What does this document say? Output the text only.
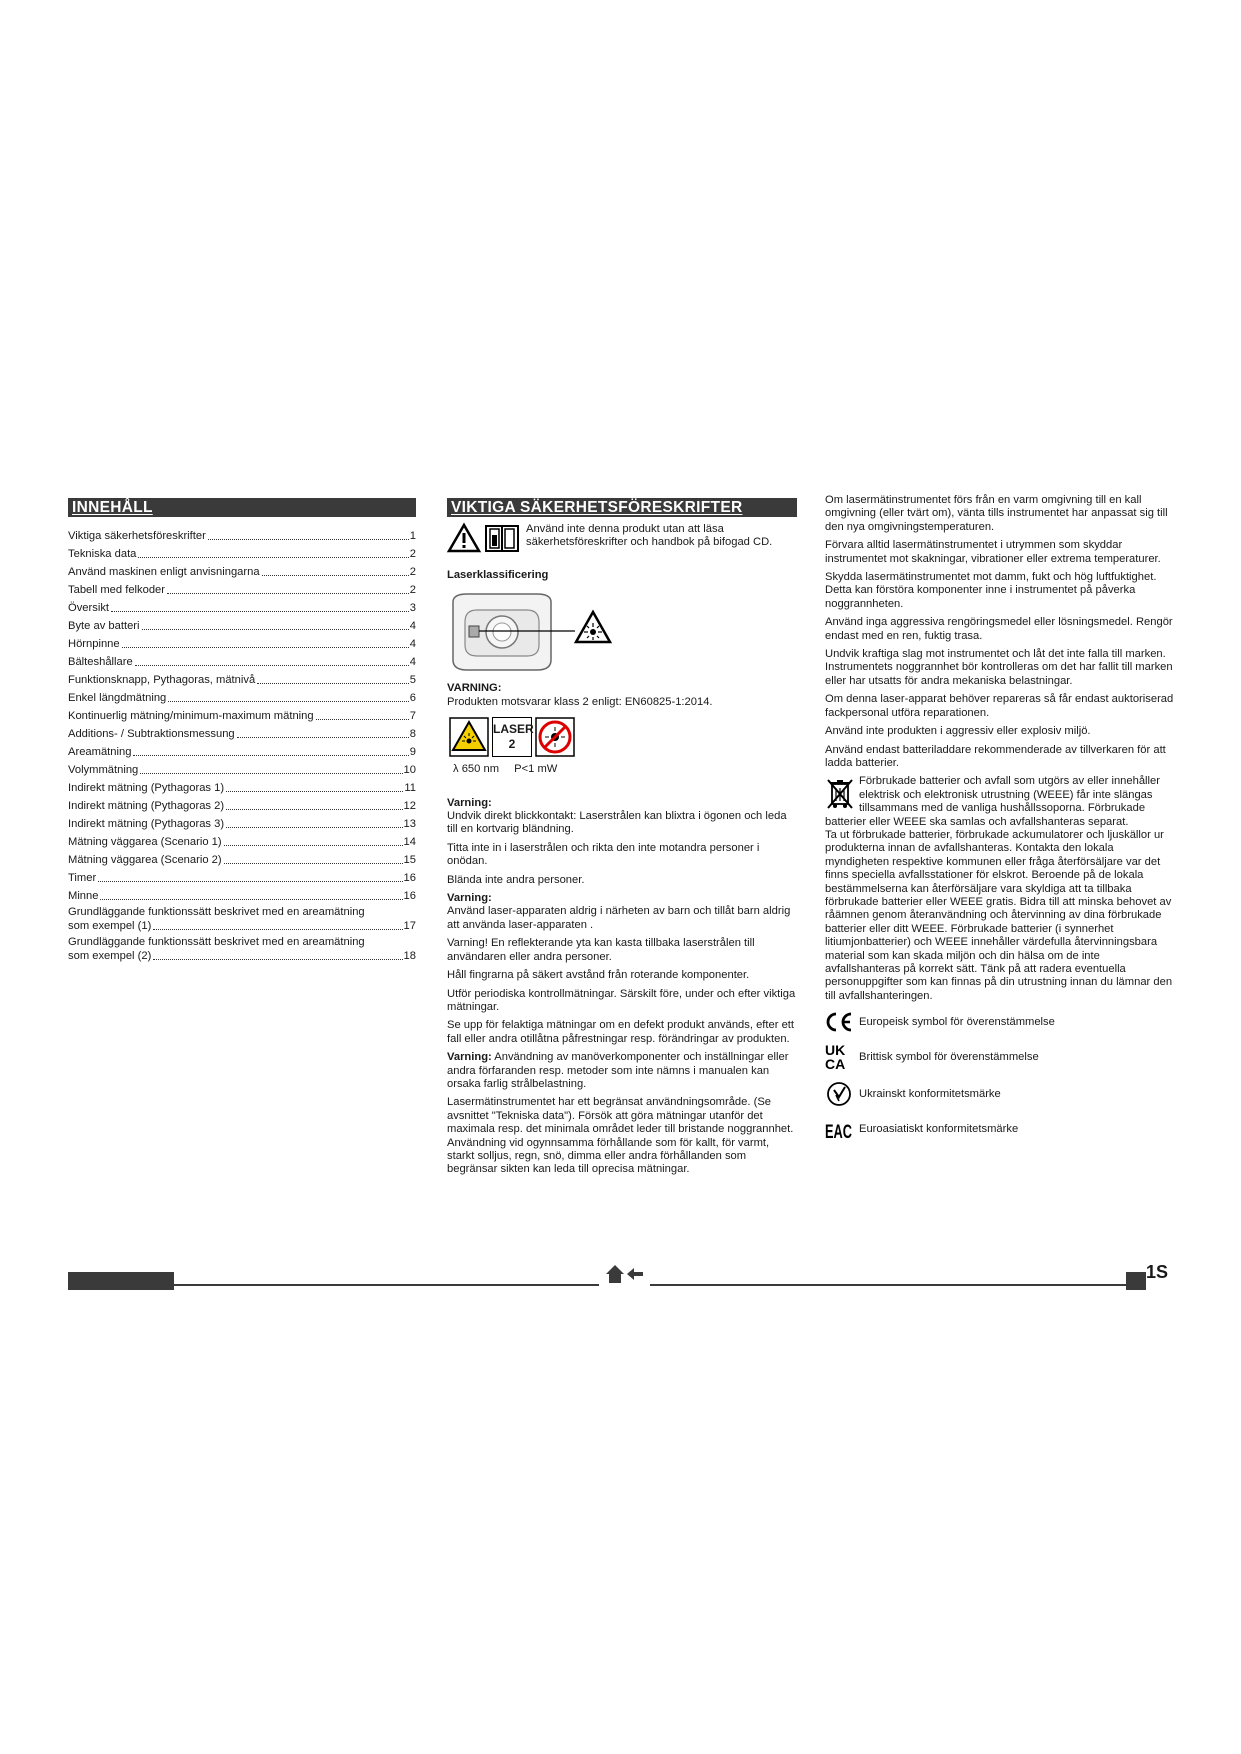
INNEHÅLL
Viktiga säkerhetsföreskrifter	1
Tekniska data	2
Använd maskinen enligt anvisningarna	2
Tabell med felkoder	2
Översikt	3
Byte av batteri	4
Hörnpinne	4
Bälteshållare	4
Funktionsknapp, Pythagoras, mätnivå	5
Enkel längdmätning	6
Kontinuerlig mätning/minimum-maximum mätning	7
Additions- / Subtraktionsmessung	8
Areamätning	9
Volymmätning	10
Indirekt mätning (Pythagoras 1)	11
Indirekt mätning (Pythagoras 2)	12
Indirekt mätning (Pythagoras 3)	13
Mätning väggarea (Scenario 1)	14
Mätning väggarea (Scenario 2)	15
Timer	16
Minne	16
Grundläggande funktionssätt beskrivet med en areamätning
som exempel (1)	17
Grundläggande funktionssätt beskrivet med en areamätning
som exempel (2)	18
VIKTIGA SÄKERHETSFÖRESKRIFTER

Använd inte denna produkt utan att läsa säkerhetsföreskrifter och handbok på bifogad CD.

Laserklassificering

VARNING:

Produkten motsvarar klass 2 enligt: EN60825-1:2014.

LASER
2
λ 650 nm P<1 mW

Varning:

Undvik direkt blickkontakt: Laserstrålen kan blixtra i ögonen och leda till en kortvarig bländning.

Titta inte in i laserstrålen och rikta den inte motandra personer i onödan.

Blända inte andra personer.

Varning:

Använd laser-apparaten aldrig i närheten av barn och tillåt barn aldrig att använda laser-apparaten .

Varning! En reflekterande yta kan kasta tillbaka laserstrålen till användaren eller andra personer.

Håll fingrarna på säkert avstånd från roterande komponenter.

Utför periodiska kontrollmätningar. Särskilt före, under och efter viktiga mätningar.

Se upp för felaktiga mätningar om en defekt produkt används, efter ett fall eller andra otillåtna påfrestningar resp. förändringar av produkten.

Varning: Användning av manöverkomponenter och inställningar eller andra förfaranden resp. metoder som inte nämns i manualen kan orsaka farlig strålbelastning.

Lasermätinstrumentet har ett begränsat användningsområde. (Se avsnittet "Tekniska data"). Försök att göra mätningar utanför det maximala resp. det minimala området leder till bristande noggrannhet. Användning vid ogynnsamma förhållande som för kallt, för varmt, starkt solljus, regn, snö, dimma eller andra förhållanden som begränsar sikten kan leda till oprecisa mätningar.

Om lasermätinstrumentet förs från en varm omgivning till en kall omgivning (eller tvärt om), vänta tills instrumentet har anpassat sig till den nya omgivningstemperaturen.

Förvara alltid lasermätinstrumentet i utrymmen som skyddar instrumentet mot skakningar, vibrationer eller extrema temperaturer.

Skydda lasermätinstrumentet mot damm, fukt och hög luftfuktighet. Detta kan förstöra komponenter inne i instrumentet på påverka noggrannheten.

Använd inga aggressiva rengöringsmedel eller lösningsmedel. Rengör endast med en ren, fuktig trasa.

Undvik kraftiga slag mot instrumentet och låt det inte falla till marken. Instrumentets noggrannhet bör kontrolleras om det har fallit till marken eller har utsatts för andra mekaniska belastningar.

Om denna laser-apparat behöver repareras så får endast auktoriserad fackpersonal utföra reparationen.

Använd inte produkten i aggressiv eller explosiv miljö.

Använd endast batteriladdare rekommenderade av tillverkaren för att ladda batterier.

Förbrukade batterier och avfall som utgörs av eller innehåller elektrisk och elektronisk utrustning (WEEE) får inte slängas tillsammans med de vanliga hushållssoporna. Förbrukade batterier eller WEEE ska samlas och avfallshanteras separat.

Ta ut förbrukade batterier, förbrukade ackumulatorer och ljuskällor ur produkterna innan de avfallshanteras. Kontakta den lokala myndigheten respektive kommunen eller fråga återförsäljare var det finns speciella avfallsstationer för elskrot. Beroende på de lokala bestämmelserna kan återförsäljare vara skyldiga att ta tillbaka förbrukade batterier eller WEEE gratis. Bidra till att minska behovet av råämnen genom återanvändning och återvinning av dina förbrukade batterier eller ditt WEEE. Förbrukade batterier (i synnerhet litiumjonbatterier) och WEEE innehåller värdefulla återvinningsbara material som kan skada miljön och din hälsa om de inte avfallshanteras på korrekt sätt. Tänk på att radera eventuella personuppgifter som kan finnas på din utrustning innan du lämnar den till avfallshanteringen.

Europeisk symbol för överenstämmelse
UK
CA Brittisk symbol för överenstämmelse
Ukrainskt konformitetsmärke
EAC Euroasiatiskt konformitetsmärke
1S
